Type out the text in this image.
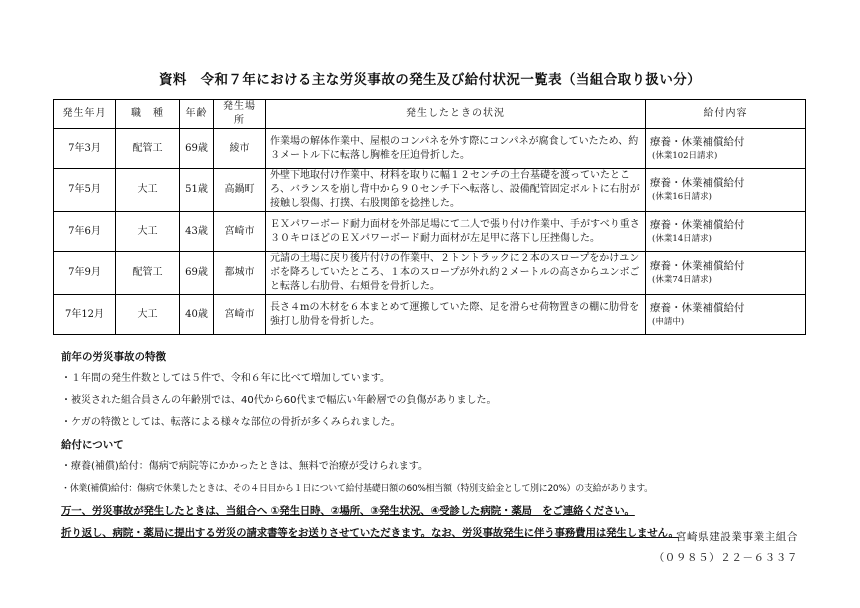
資料　令和７年における主な労災事故の発生及び給付状況一覧表（当組合取り扱い分）
発生年月	職　種	年齢	発生場所	発生したときの状況	給付内容
7年3月	配管工	69歳	綾市	作業場の解体作業中、屋根のコンパネを外す際にコンパネが腐食していたため、約３メートル下に転落し胸椎を圧迫骨折した。	療養・休業補償給付
(休業102日請求)

7年5月	大工	51歳	高鍋町	外壁下地取付け作業中、材料を取りに幅１２センチの土台基礎を渡っていたところ、バランスを崩し背中から９０センチ下へ転落し、設備配管固定ボルトに右肘が接触し裂傷、打撲、右股関節を捻挫した。	療養・休業補償給付
(休業16日請求)

7年6月	大工	43歳	宮崎市	ＥＸパワーボード耐力面材を外部足場にて二人で張り付け作業中、手がすべり重さ３０キロほどのＥＸパワーボード耐力面材が左足甲に落下し圧挫傷した。	療養・休業補償給付
(休業14日請求)

7年9月	配管工	69歳	都城市	元請の土場に戻り後片付けの作業中、２トントラックに２本のスロープをかけユンボを降ろしていたところ、１本のスロープが外れ約２メートルの高さからユンボごと転落し右肋骨、右頬骨を骨折した。	療養・休業補償給付
(休業74日請求)

7年12月	大工	40歳	宮崎市	長さ４mの木材を６本まとめて運搬していた際、足を滑らせ荷物置きの棚に肋骨を強打し肋骨を骨折した。	療養・休業補償給付
(申請中)
前年の労災事故の特徴
・１年間の発生件数としては５件で、令和６年に比べて増加しています。
・被災された組合員さんの年齢別では、40代から60代まで幅広い年齢層での負傷がありました。
・ケガの特徴としては、転落による様々な部位の骨折が多くみられました。
給付について
・療養(補償)給付：傷病で病院等にかかったときは、無料で治療が受けられます。
・休業(補償)給付：傷病で休業したときは、その４日目から１日について給付基礎日額の60%相当額（特別支給金として別に20%）の支給があります。
万一、労災事故が発生したときは、当組合へ ①発生日時、②場所、③発生状況、④受診した病院・薬局　をご連絡ください。
折り返し、病院・薬局に提出する労災の請求書等をお送りさせていただきます。なお、労災事故発生に伴う事務費用は発生しません。
宮崎県建設業事業主組合
（０９８５）２２－６３３７
